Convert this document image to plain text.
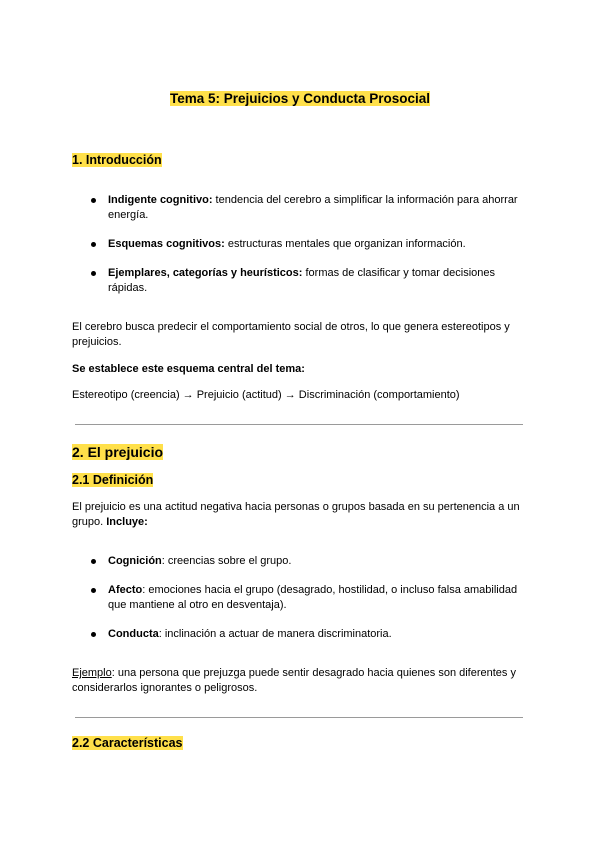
Tema 5: Prejuicios y Conducta Prosocial
1. Introducción
Indigente cognitivo: tendencia del cerebro a simplificar la información para ahorrar energía.
Esquemas cognitivos: estructuras mentales que organizan información.
Ejemplares, categorías y heurísticos: formas de clasificar y tomar decisiones rápidas.
El cerebro busca predecir el comportamiento social de otros, lo que genera estereotipos y prejuicios.
Se establece este esquema central del tema:
Estereotipo (creencia) → Prejuicio (actitud) → Discriminación (comportamiento)
2. El prejuicio
2.1 Definición
El prejuicio es una actitud negativa hacia personas o grupos basada en su pertenencia a un grupo. Incluye:
Cognición: creencias sobre el grupo.
Afecto: emociones hacia el grupo (desagrado, hostilidad, o incluso falsa amabilidad que mantiene al otro en desventaja).
Conducta: inclinación a actuar de manera discriminatoria.
Ejemplo: una persona que prejuzga puede sentir desagrado hacia quienes son diferentes y considerarlos ignorantes o peligrosos.
2.2 Características
